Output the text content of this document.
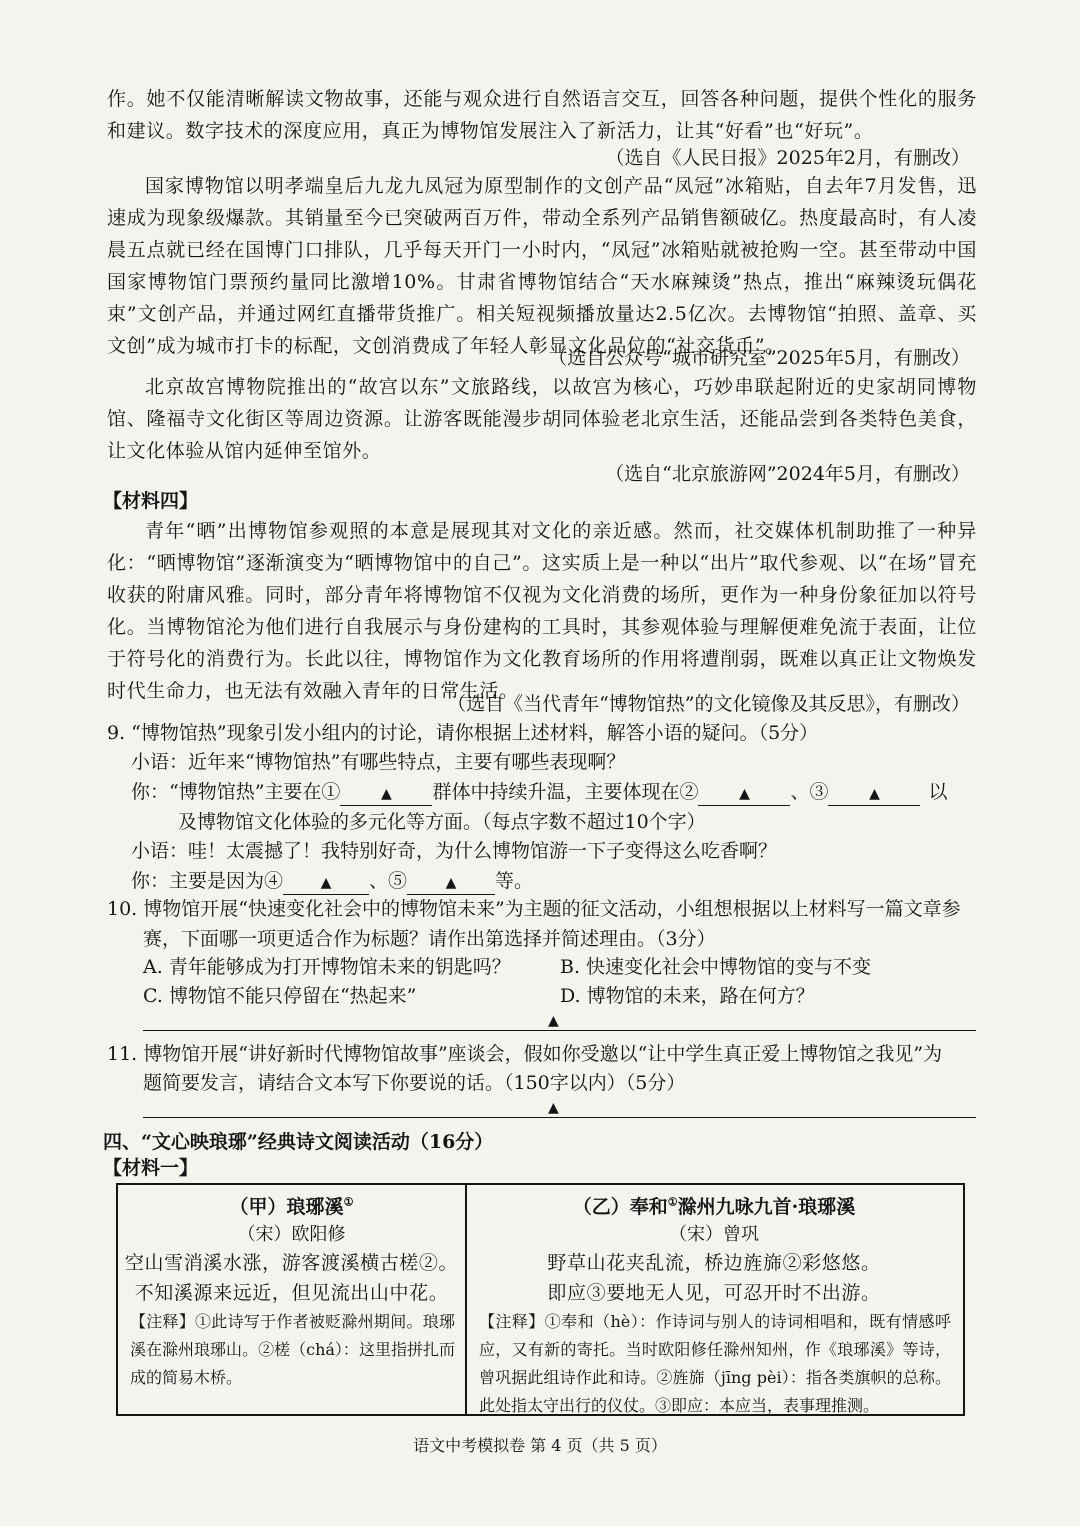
作。她不仅能清晰解读文物故事，还能与观众进行自然语言交互，回答各种问题，提供个性化的服务和建议。数字技术的深度应用，真正为博物馆发展注入了新活力，让其“好看”也“好玩”。

（选自《人民日报》2025年2月，有删改）

国家博物馆以明孝端皇后九龙九凤冠为原型制作的文创产品“凤冠”冰箱贴，自去年7月发售，迅速成为现象级爆款。其销量至今已突破两百万件，带动全系列产品销售额破亿。热度最高时，有人凌晨五点就已经在国博门口排队，几乎每天开门一小时内，“凤冠”冰箱贴就被抢购一空。甚至带动中国国家博物馆门票预约量同比激增10%。甘肃省博物馆结合“天水麻辣烫”热点，推出“麻辣烫玩偶花束”文创产品，并通过网红直播带货推广。相关短视频播放量达2.5亿次。去博物馆“拍照、盖章、买文创”成为城市打卡的标配，文创消费成了年轻人彰显文化品位的“社交货币”。

（选自公众号“城市研究室”2025年5月，有删改）

北京故宫博物院推出的“故宫以东”文旅路线，以故宫为核心，巧妙串联起附近的史家胡同博物馆、隆福寺文化街区等周边资源。让游客既能漫步胡同体验老北京生活，还能品尝到各类特色美食，让文化体验从馆内延伸至馆外。

（选自“北京旅游网”2024年5月，有删改）

【材料四】

青年“晒”出博物馆参观照的本意是展现其对文化的亲近感。然而，社交媒体机制助推了一种异化：“晒博物馆”逐渐演变为“晒博物馆中的自己”。这实质上是一种以“出片”取代参观、以“在场”冒充收获的附庸风雅。同时，部分青年将博物馆不仅视为文化消费的场所，更作为一种身份象征加以符号化。当博物馆沦为他们进行自我展示与身份建构的工具时，其参观体验与理解便难免流于表面，让位于符号化的消费行为。长此以往，博物馆作为文化教育场所的作用将遭削弱，既难以真正让文物焕发时代生命力，也无法有效融入青年的日常生活。

（选自《当代青年“博物馆热”的文化镜像及其反思》，有删改）

9. “博物馆热”现象引发小组内的讨论，请你根据上述材料，解答小语的疑问。（5分）

小语：近年来“博物馆热”有哪些特点，主要有哪些表现啊？

你：“博物馆热”主要在①	▲ 群体中持续升温，主要体现在②	▲ 、③	▲	以

及博物馆文化体验的多元化等方面。（每点字数不超过10个字）

小语：哇！太震撼了！我特别好奇，为什么博物馆游一下子变得这么吃香啊？

你：主要是因为④	▲ 、⑤	▲ 等。

10. 博物馆开展“快速变化社会中的博物馆未来”为主题的征文活动，小组想根据以上材料写一篇文章参

赛，下面哪一项更适合作为标题？请作出第选择并简述理由。（3分）

A. 青年能够成为打开博物馆未来的钥匙吗？	B. 快速变化社会中博物馆的变与不变

C. 博物馆不能只停留在“热起来”	D. 博物馆的未来，路在何方？

▲

11. 博物馆开展“讲好新时代博物馆故事”座谈会，假如你受邀以“让中学生真正爱上博物馆之我见”为

题简要发言，请结合文本写下你要说的话。（150字以内）（5分）

▲

四、“文心映琅琊”经典诗文阅读活动（16分）

【材料一】

（甲）琅琊溪①
（宋）欧阳修
空山雪消溪水涨，游客渡溪横古槎②。
不知溪源来远近，但见流出山中花。
【注释】①此诗写于作者被贬滁州期间。琅琊溪在滁州琅琊山。②槎（chá）：这里指拼扎而成的简易木桥。
（乙）奉和①滁州九咏九首·琅琊溪
（宋）曾巩
野草山花夹乱流，桥边旌旆②彩悠悠。
即应③要地无人见，可忍开时不出游。
【注释】①奉和（hè）：作诗词与别人的诗词相唱和，既有情感呼应，又有新的寄托。当时欧阳修任滁州知州，作《琅琊溪》等诗，曾巩据此组诗作此和诗。②旌旆（jīng pèi）：指各类旗帜的总称。此处指太守出行的仪仗。③即应：本应当，表事理推测。
语文中考模拟卷 第 4 页（共 5 页）
